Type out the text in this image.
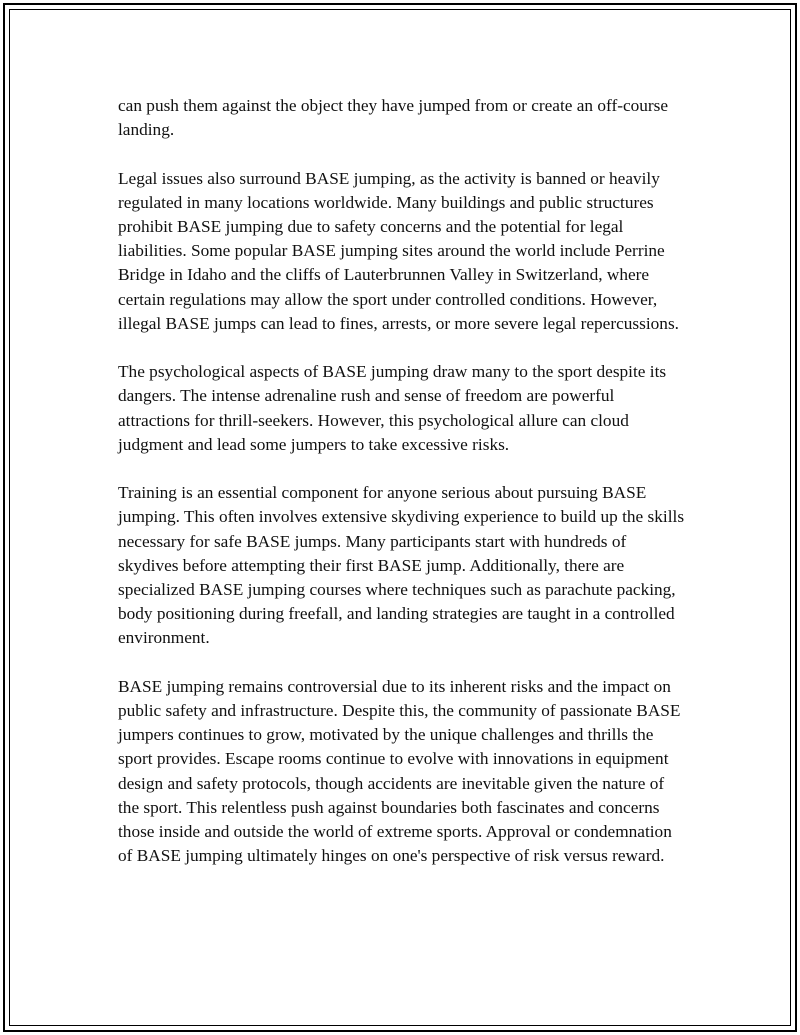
can push them against the object they have jumped from or create an off-course landing.

Legal issues also surround BASE jumping, as the activity is banned or heavily regulated in many locations worldwide. Many buildings and public structures prohibit BASE jumping due to safety concerns and the potential for legal liabilities. Some popular BASE jumping sites around the world include Perrine Bridge in Idaho and the cliffs of Lauterbrunnen Valley in Switzerland, where certain regulations may allow the sport under controlled conditions. However, illegal BASE jumps can lead to fines, arrests, or more severe legal repercussions.

The psychological aspects of BASE jumping draw many to the sport despite its dangers. The intense adrenaline rush and sense of freedom are powerful attractions for thrill-seekers. However, this psychological allure can cloud judgment and lead some jumpers to take excessive risks.

Training is an essential component for anyone serious about pursuing BASE jumping. This often involves extensive skydiving experience to build up the skills necessary for safe BASE jumps. Many participants start with hundreds of skydives before attempting their first BASE jump. Additionally, there are specialized BASE jumping courses where techniques such as parachute packing, body positioning during freefall, and landing strategies are taught in a controlled environment.

BASE jumping remains controversial due to its inherent risks and the impact on public safety and infrastructure. Despite this, the community of passionate BASE jumpers continues to grow, motivated by the unique challenges and thrills the sport provides. Escape rooms continue to evolve with innovations in equipment design and safety protocols, though accidents are inevitable given the nature of the sport. This relentless push against boundaries both fascinates and concerns those inside and outside the world of extreme sports. Approval or condemnation of BASE jumping ultimately hinges on one's perspective of risk versus reward.
